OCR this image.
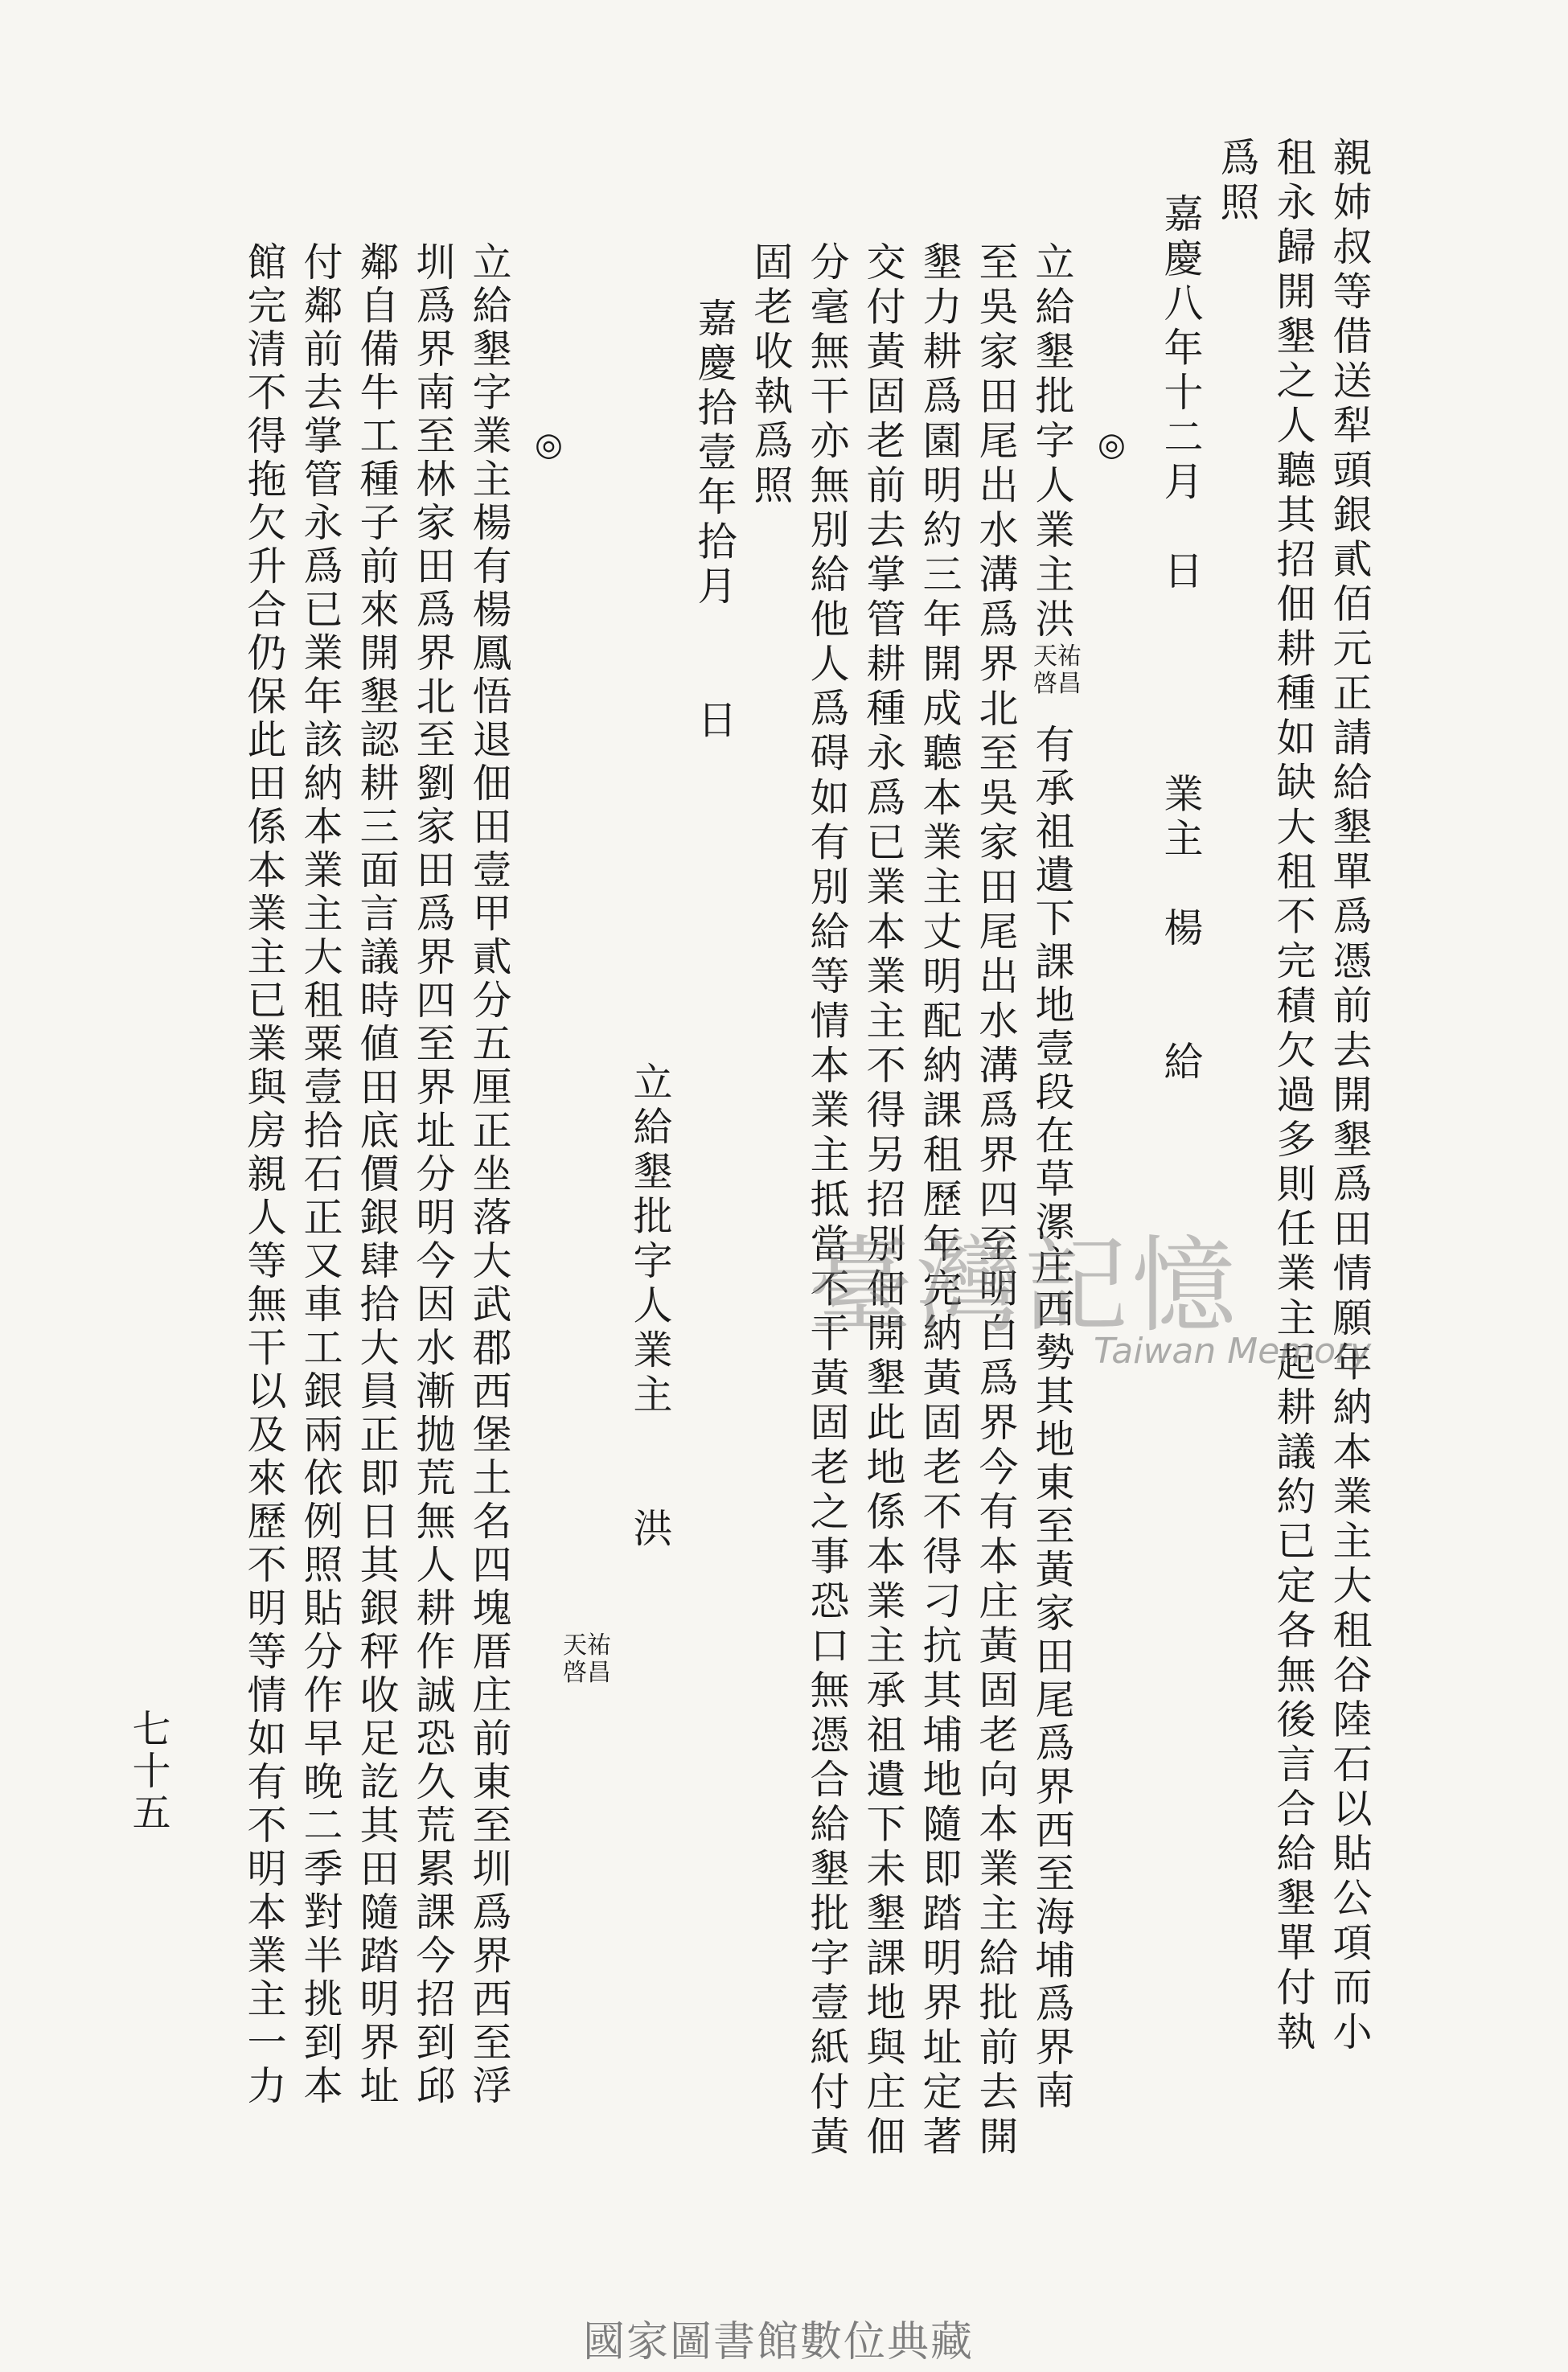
親姉叔等借送犁頭銀貳佰元正請給墾單爲憑前去開墾爲田情願年納本業主大租谷陸石以貼公項而小
租永歸開墾之人聽其招佃耕種如缺大租不完積欠過多則任業主起耕議約已定各無後言合給墾單付執
爲照
嘉慶八年十二月　日　　　　業主　楊　　給
◎
立給墾批字人業主洪
天祐
啓昌
有承祖遺下課地壹段在草漯庄西勢其地東至黃家田尾爲界西至海埔爲界南
至吳家田尾出水溝爲界北至吳家田尾出水溝爲界四至明白爲界今有本庄黃固老向本業主給批前去開
墾力耕爲園明約三年開成聽本業主丈明配納課租歷年完納黃固老不得刁抗其埔地隨即踏明界址定著
交付黃固老前去掌管耕種永爲已業本業主不得另招別佃開墾此地係本業主承祖遺下未墾課地與庄佃
分毫無干亦無別給他人爲碍如有別給等情本業主抵當不干黃固老之事恐口無憑合給墾批字壹紙付黃
固老收執爲照
嘉慶拾壹年拾月　　日
立給墾批字人業主　　洪
天祐
啓昌
◎
立給墾字業主楊有楊鳳悟退佃田壹甲貳分五厘正坐落大武郡西堡土名四塊厝庄前東至圳爲界西至浮
圳爲界南至林家田爲界北至劉家田爲界四至界址分明今因水漸抛荒無人耕作誠恐久荒累課今招到邱
鄰自備牛工種子前來開墾認耕三面言議時値田底價銀肆拾大員正即日其銀秤收足訖其田隨踏明界址
付鄰前去掌管永爲已業年該納本業主大租粟壹拾石正又車工銀兩依例照貼分作早晚二季對半挑到本
館完清不得拖欠升合仍保此田係本業主已業與房親人等無干以及來歷不明等情如有不明本業主一力
七十五
臺灣記憶
Taiwan Memory
國家圖書館數位典藏
